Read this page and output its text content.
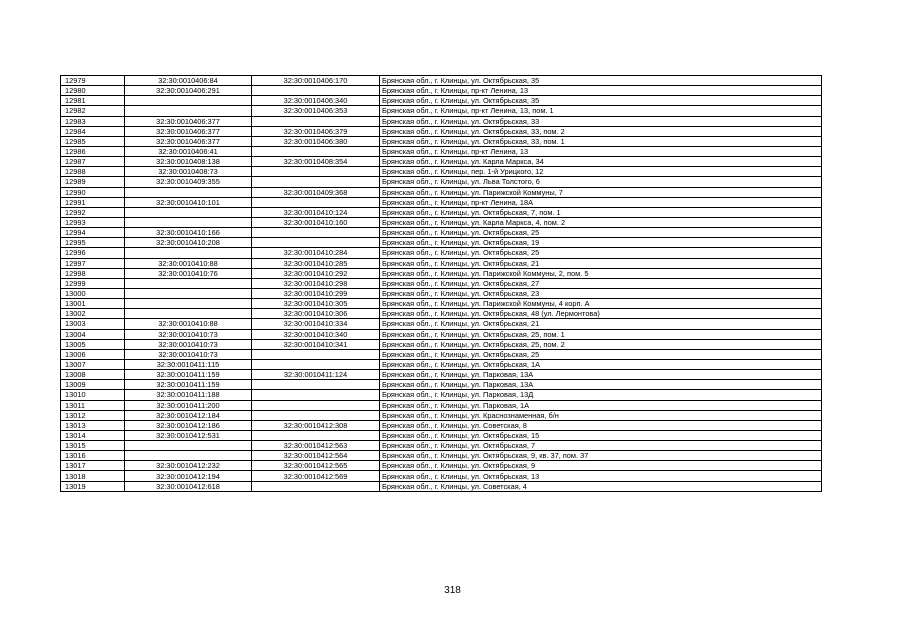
12979	32:30:0010406:84	32:30:0010406:170	Брянская обл., г. Клинцы, ул. Октябрьская, 35
12980	32:30:0010406:291		Брянская обл., г. Клинцы, пр-кт Ленина, 13
12981		32:30:0010406:340	Брянская обл., г. Клинцы, ул. Октябрьская, 35
12982		32:30:0010406:353	Брянская обл., г. Клинцы, пр-кт Ленина, 13, пом. 1
12983	32:30:0010406:377		Брянская обл., г. Клинцы, ул. Октябрьская, 33
12984	32:30:0010406:377	32:30:0010406:379	Брянская обл., г. Клинцы, ул. Октябрьская, 33, пом. 2
12985	32:30:0010406:377	32:30:0010406:380	Брянская обл., г. Клинцы, ул. Октябрьская, 33, пом. 1
12986	32:30:0010406:41		Брянская обл., г. Клинцы, пр-кт Ленина, 13
12987	32:30:0010408:138	32:30:0010408:354	Брянская обл., г. Клинцы, ул. Карла Маркса, 34
12988	32:30:0010408:73		Брянская обл., г. Клинцы, пер. 1-й Урицкого, 12
12989	32:30:0010409:355		Брянская обл., г. Клинцы, ул. Льва Толстого, 6
12990		32:30:0010409:368	Брянская обл., г. Клинцы, ул. Парижской Коммуны, 7
12991	32:30:0010410:101		Брянская обл., г. Клинцы, пр-кт Ленина, 18А
12992		32:30:0010410:124	Брянская обл., г. Клинцы, ул. Октябрьская, 7, пом. 1
12993		32:30:0010410:160	Брянская обл., г. Клинцы, ул. Карла Маркса, 4, пом. 2
12994	32:30:0010410:166		Брянская обл., г. Клинцы, ул. Октябрьская, 25
12995	32:30:0010410:208		Брянская обл., г. Клинцы, ул. Октябрьская, 19
12996		32:30:0010410:284	Брянская обл., г. Клинцы, ул. Октябрьская, 25
12997	32:30:0010410:88	32:30:0010410:285	Брянская обл., г. Клинцы, ул. Октябрьская, 21
12998	32:30:0010410:76	32:30:0010410:292	Брянская обл., г. Клинцы, ул. Парижской Коммуны, 2, пом. 5
12999		32:30:0010410:298	Брянская обл., г. Клинцы, ул. Октябрьская, 27
13000		32:30:0010410:299	Брянская обл., г. Клинцы, ул. Октябрьская, 23
13001		32:30:0010410:305	Брянская обл., г. Клинцы, ул. Парижской Коммуны, 4 корп. А
13002		32:30:0010410:306	Брянская обл., г. Клинцы, ул. Октябрьская, 48 (ул. Лермонтова)
13003	32:30:0010410:88	32:30:0010410:334	Брянская обл., г. Клинцы, ул. Октябрьская, 21
13004	32:30:0010410:73	32:30:0010410:340	Брянская обл., г. Клинцы, ул. Октябрьская, 25, пом. 1
13005	32:30:0010410:73	32:30:0010410:341	Брянская обл., г. Клинцы, ул. Октябрьская, 25, пом. 2
13006	32:30:0010410:73		Брянская обл., г. Клинцы, ул. Октябрьская, 25
13007	32:30:0010411:115		Брянская обл., г. Клинцы, ул. Октябрьская, 1А
13008	32:30:0010411:159	32:30:0010411:124	Брянская обл., г. Клинцы, ул. Парковая, 13А
13009	32:30:0010411:159		Брянская обл., г. Клинцы, ул. Парковая, 13А
13010	32:30:0010411:188		Брянская обл., г. Клинцы, ул. Парковая, 13Д
13011	32:30:0010411:200		Брянская обл., г. Клинцы, ул. Парковая, 1А
13012	32:30:0010412:184		Брянская обл., г. Клинцы, ул. Краснознаменная, б/н
13013	32:30:0010412:186	32:30:0010412:308	Брянская обл., г. Клинцы, ул. Советская, 8
13014	32:30:0010412:531		Брянская обл., г. Клинцы, ул. Октябрьская, 15
13015		32:30:0010412:563	Брянская обл., г. Клинцы, ул. Октябрьская, 7
13016		32:30:0010412:564	Брянская обл., г. Клинцы, ул. Октябрьская, 9, кв. 37, пом. 37
13017	32:30:0010412:232	32:30:0010412:565	Брянская обл., г. Клинцы, ул. Октябрьская, 9
13018	32:30:0010412:194	32:30:0010412:569	Брянская обл., г. Клинцы, ул. Октябрьская, 13
13019	32:30:0010412:618		Брянская обл., г. Клинцы, ул. Советская, 4
318
